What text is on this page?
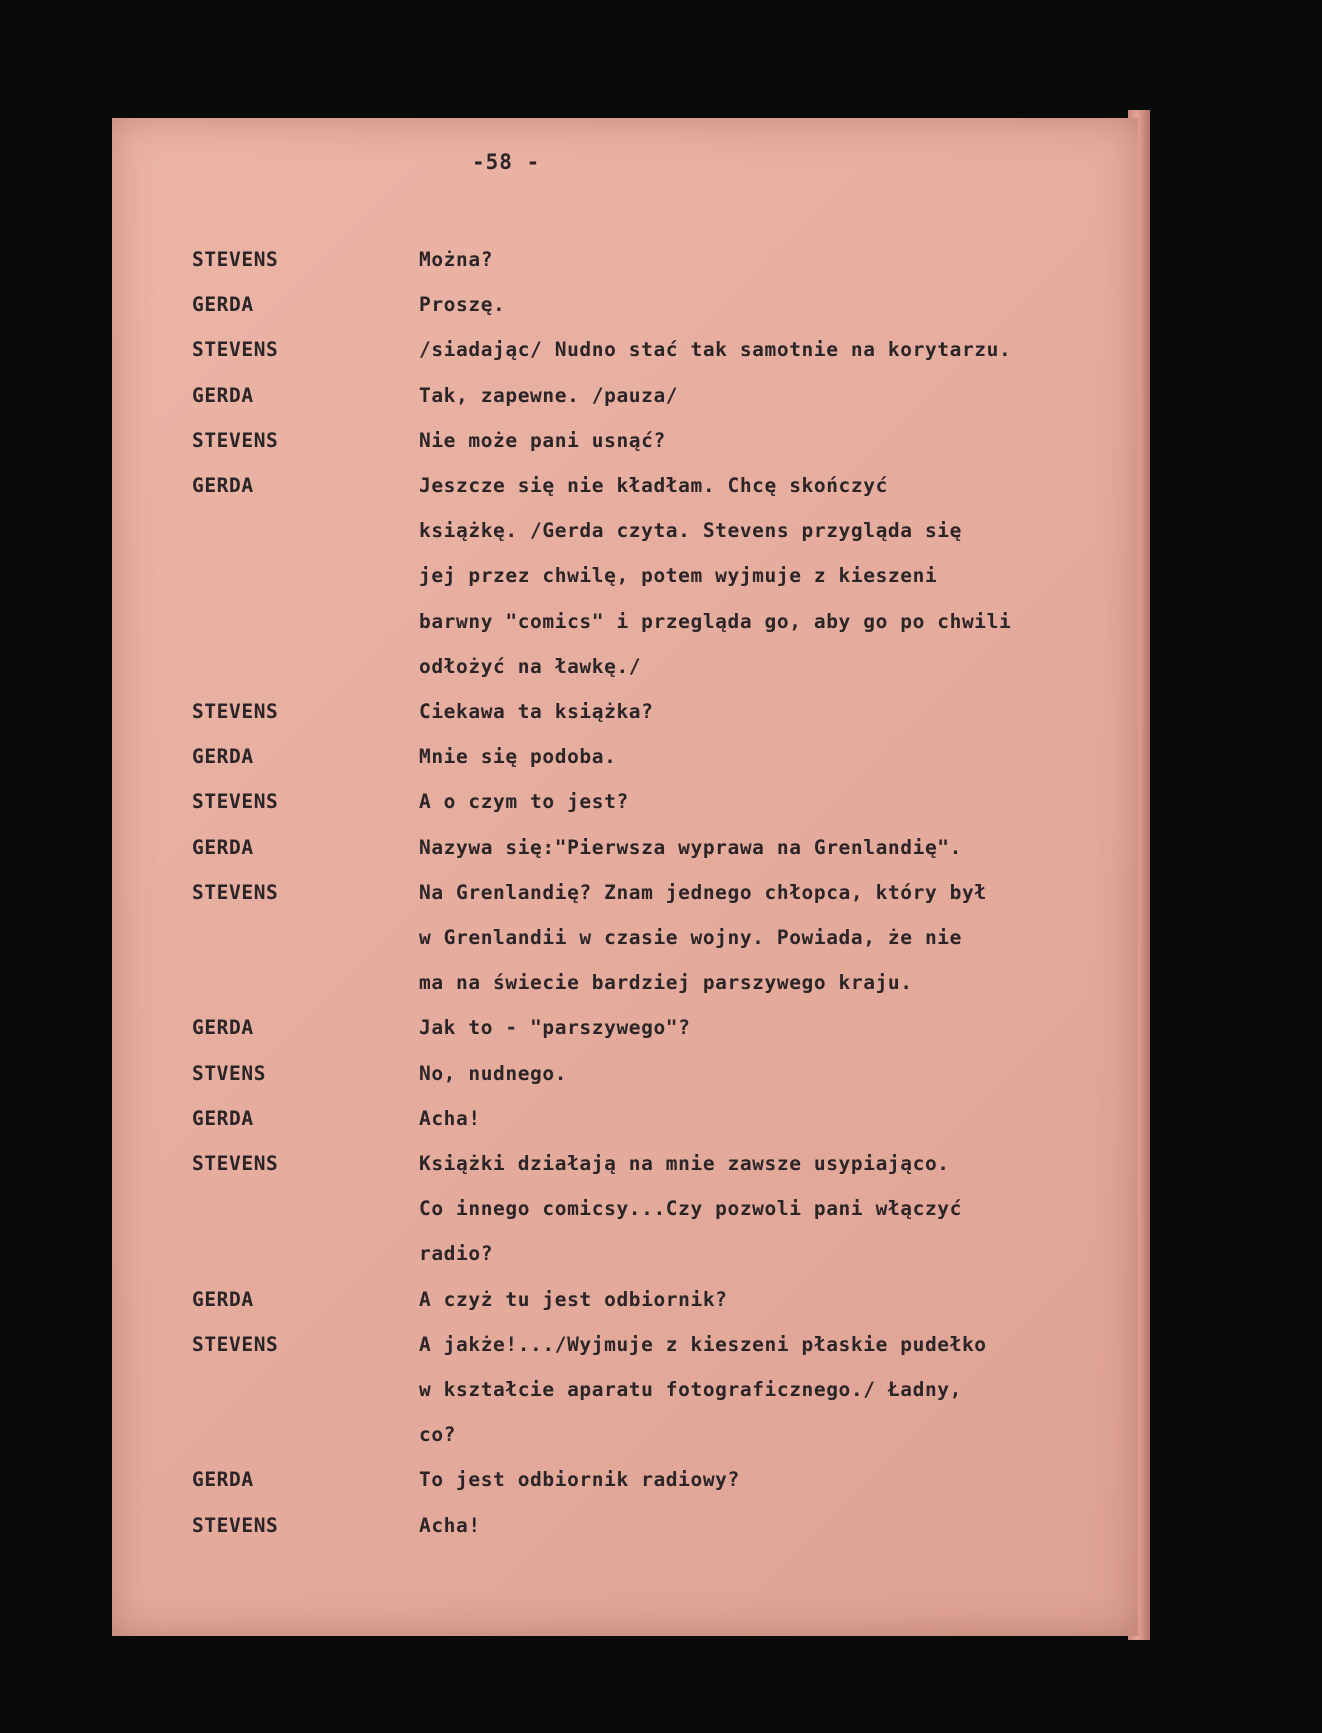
-58 -
STEVENS	Można?
GERDA	Proszę.
STEVENS	/siadając/ Nudno stać tak samotnie na korytarzu.
GERDA	Tak, zapewne. /pauza/
STEVENS	Nie może pani usnąć?
GERDA	Jeszcze się nie kładłam. Chcę skończyć
książkę. /Gerda czyta. Stevens przygląda się
jej przez chwilę, potem wyjmuje z kieszeni
barwny "comics" i przegląda go, aby go po chwili
odłożyć na ławkę./
STEVENS	Ciekawa ta książka?
GERDA	Mnie się podoba.
STEVENS	A o czym to jest?
GERDA	Nazywa się:"Pierwsza wyprawa na Grenlandię".
STEVENS	Na Grenlandię? Znam jednego chłopca, który był
w Grenlandii w czasie wojny. Powiada, że nie
ma na świecie bardziej parszywego kraju.
GERDA	Jak to - "parszywego"?
STVENS	No, nudnego.
GERDA	Acha!
STEVENS	Książki działają na mnie zawsze usypiająco.
Co innego comicsy...Czy pozwoli pani włączyć
radio?
GERDA	A czyż tu jest odbiornik?
STEVENS	A jakże!.../Wyjmuje z kieszeni płaskie pudełko
w kształcie aparatu fotograficznego./ Ładny,
co?
GERDA	To jest odbiornik radiowy?
STEVENS	Acha!
